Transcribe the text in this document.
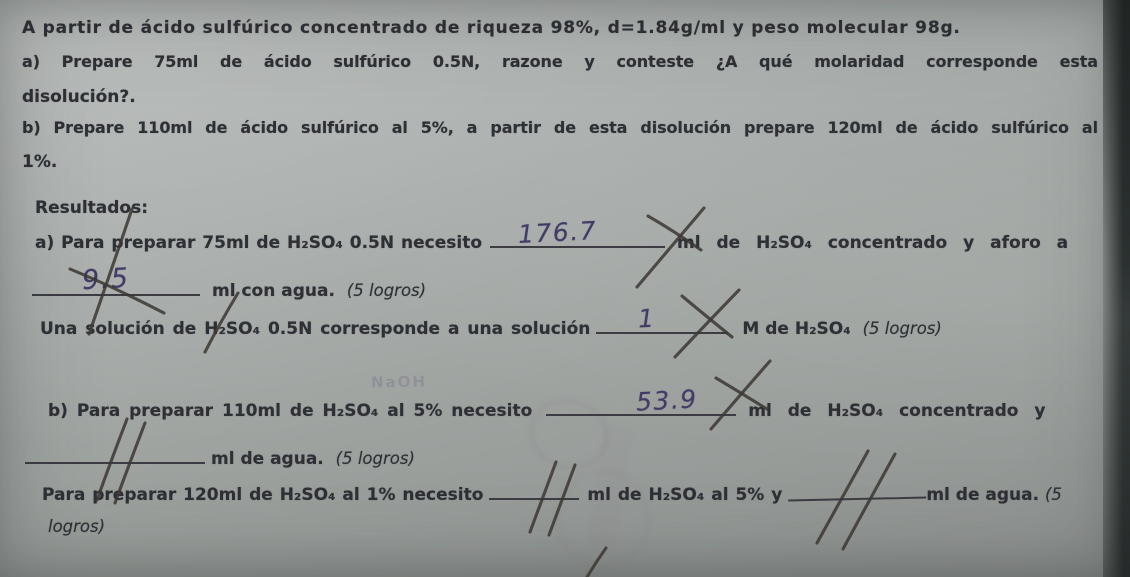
A partir de ácido sulfúrico concentrado de riqueza 98%, d=1.84g/ml y peso molecular 98g.
a) Prepare 75ml de ácido sulfúrico 0.5N, razone y conteste ¿A qué molaridad corresponde esta
disolución?.
b) Prepare 110ml de ácido sulfúrico al 5%, a partir de esta disolución prepare 120ml de ácido sulfúrico al
1%.
Resultados:
a) Para preparar 75ml de H₂SO₄ 0.5N necesito 176.7	ml de H₂SO₄ concentrado y aforo a
9.5	ml con agua. (5 logros)
Una solución de H₂SO₄ 0.5N corresponde a una solución 1	M de H₂SO₄ (5 logros)
NaOH
b) Para preparar 110ml de H₂SO₄ al 5% necesito	53.9	ml de H₂SO₄ concentrado y
ml de agua. (5 logros)
Para preparar 120ml de H₂SO₄ al 1% necesito	ml de H₂SO₄ al 5% y	ml de agua. (5
logros)
